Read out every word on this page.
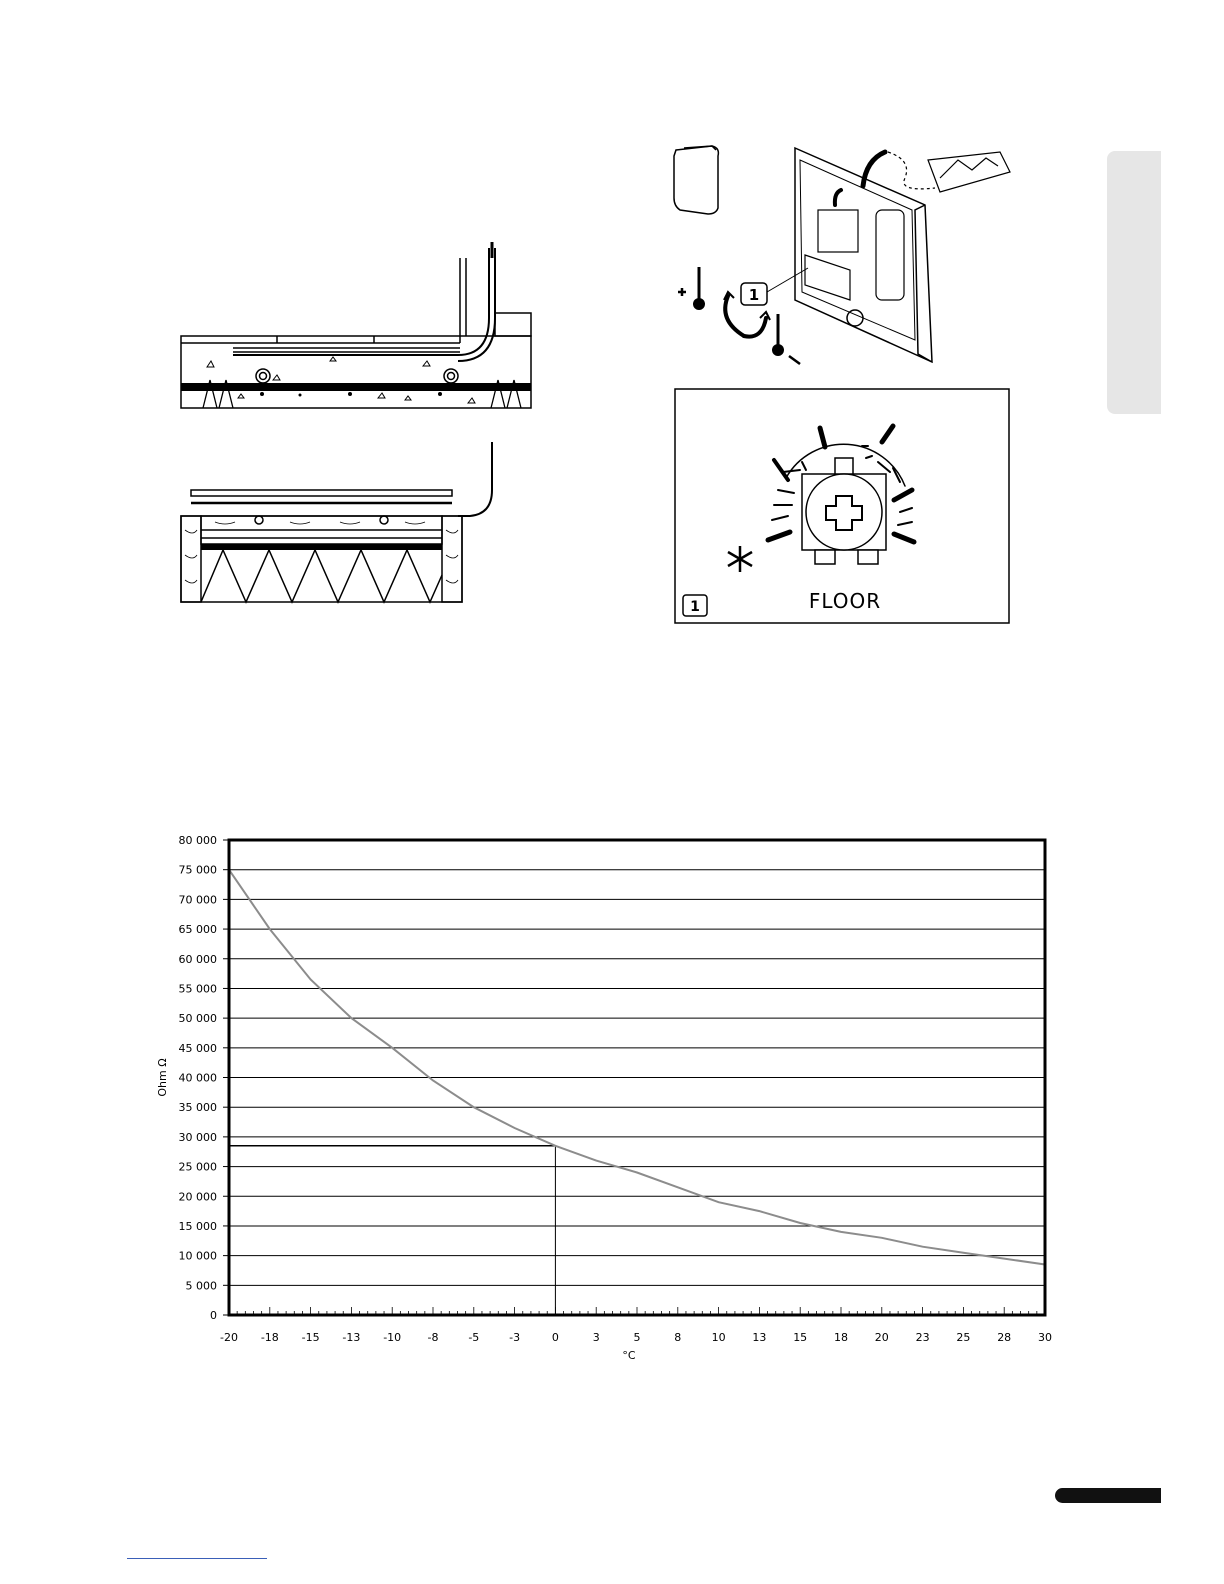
1
1	FLOOR
0
5 000
10 000
15 000
20 000
25 000
30 000
35 000
40 000
45 000
50 000
55 000
60 000
65 000
70 000
75 000
80 000
-20 -18 -15 -13 -10 -8	-5	-3	0	3	5	8	10 13 15 18 20 23 25 28 30
Ohm Ω
°C
